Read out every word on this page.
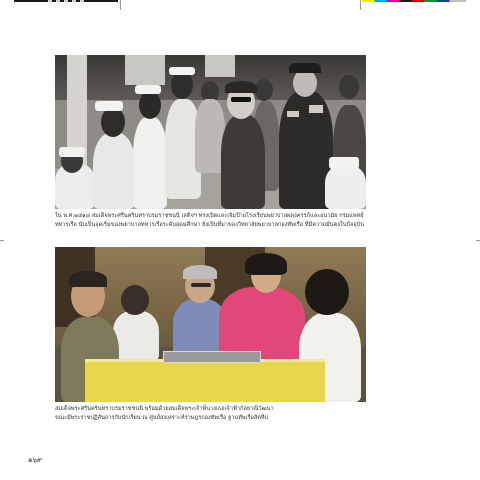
ใน พ.ศ.๒๕๑๘ สมเด็จพระศรีนครินทราบรมราชชนนี เสด็จฯ ทรงเปิดและเจิมป้ายโรงเรียนพยาบาลผดุงครรภ์และอนามัย กรมแพทย์
ทหารเรือ นับเป็นจุดเริ่มของพยาบาลทหารเรือระดับอุดมศึกษา ยังเป็นที่มาของวิทยาลัยพยาบาลกองทัพเรือ ที่มีความมั่นคงในปัจจุบัน

สมเด็จพระศรีนครินทราบรมราชชนนี พร้อมด้วยสมเด็จพระเจ้าพี่นางเธอเจ้าฟ้ากัลยาณิวัฒนา
ขณะมีพระราชปฏิสันถารกับนักเรียน ณ ศูนย์สงเคราะห์ราษฎรกองทัพเรือ ฐานทัพเรือสัตหีบ

๑๖๙
